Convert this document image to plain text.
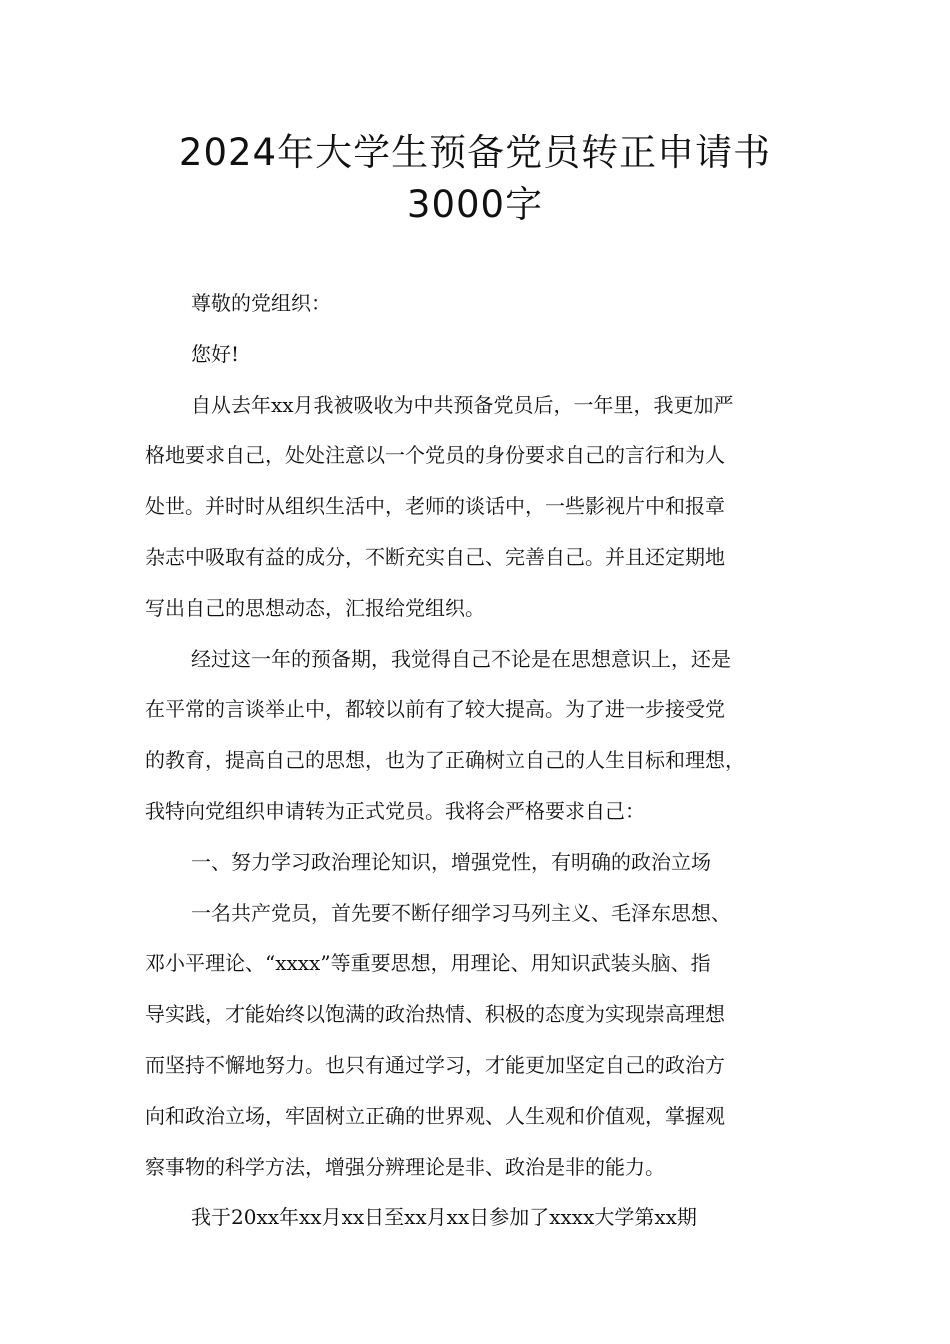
2024年大学生预备党员转正申请书
3000字
尊敬的党组织：
您好!
自从去年xx月我被吸收为中共预备党员后，一年里，我更加严
格地要求自己，处处注意以一个党员的身份要求自己的言行和为人
处世。并时时从组织生活中，老师的谈话中，一些影视片中和报章
杂志中吸取有益的成分，不断充实自己、完善自己。并且还定期地
写出自己的思想动态，汇报给党组织。
经过这一年的预备期，我觉得自己不论是在思想意识上，还是
在平常的言谈举止中，都较以前有了较大提高。为了进一步接受党
的教育，提高自己的思想，也为了正确树立自己的人生目标和理想，
我特向党组织申请转为正式党员。我将会严格要求自己：
一、努力学习政治理论知识，增强党性，有明确的政治立场
一名共产党员，首先要不断仔细学习马列主义、毛泽东思想、
邓小平理论、“xxxx”等重要思想，用理论、用知识武装头脑、指
导实践，才能始终以饱满的政治热情、积极的态度为实现崇高理想
而坚持不懈地努力。也只有通过学习，才能更加坚定自己的政治方
向和政治立场，牢固树立正确的世界观、人生观和价值观，掌握观
察事物的科学方法，增强分辨理论是非、政治是非的能力。
我于20xx年xx月xx日至xx月xx日参加了xxxx大学第xx期
